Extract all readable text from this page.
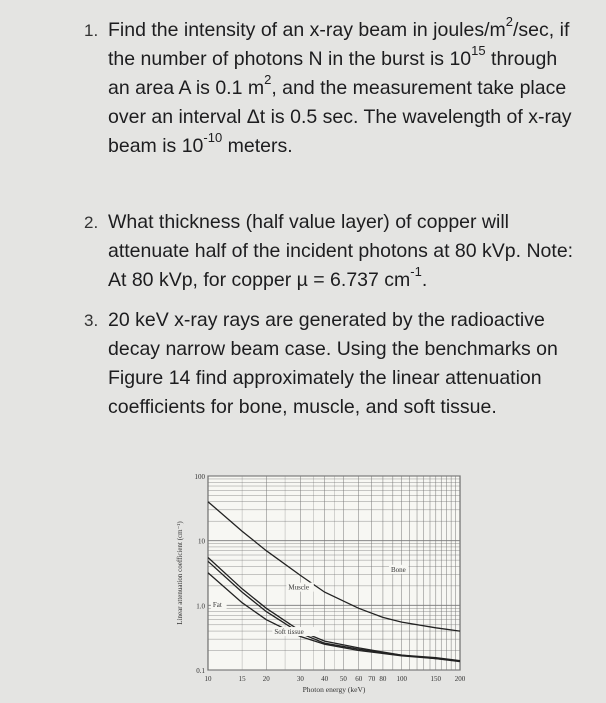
1. Find the intensity of an x-ray beam in joules/$m^2/\sec$, if the number of photons N in the burst is $10^{15}$ through an area A is 0.1 $m^2$, and the measurement take place over an interval Δt is 0.5 sec. The wavelength of x-ray beam is $10^{-10}$ meters.
2. What thickness (half value layer) of copper will attenuate half of the incident photons at 80 kVp. Note: At 80 kVp, for copper µ = 6.737 $cm^{-1}$.
3. 20 keV x-ray rays are generated by the radioactive decay narrow beam case. Using the benchmarks on Figure 14 find approximately the linear attenuation coefficients for bone, muscle, and soft tissue.
10	15 20	30 40 50 60 70 80 100	150 200
0.1
1.0
10
100
Photon energy (keV)
Linear attenuation coefficient (cm⁻¹)	Bone
Muscle
Fat
Soft tissue
